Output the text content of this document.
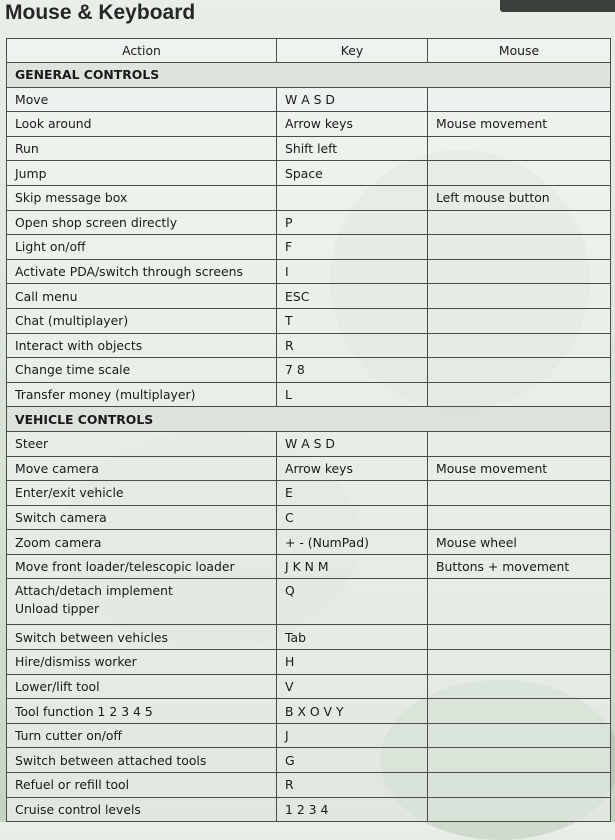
Mouse & Keyboard
Action	Key	Mouse
GENERAL CONTROLS		

Move	W A S D	

Look around	Arrow keys	Mouse movement

Run	Shift left	

Jump	Space	

Skip message box		Left mouse button

Open shop screen directly	P	

Light on/off	F	

Activate PDA/switch through screens	I	

Call menu	ESC	

Chat (multiplayer)	T	

Interact with objects	R	

Change time scale	7 8	

Transfer money (multiplayer)	L	
VEHICLE CONTROLS		

Steer	W A S D	

Move camera	Arrow keys	Mouse movement

Enter/exit vehicle	E	

Switch camera	C	

Zoom camera	+ - (NumPad)	Mouse wheel

Move front loader/telescopic loader	J K N M	Buttons + movement

Attach/detach implement
Unload tipper	Q	

Switch between vehicles	Tab	

Hire/dismiss worker	H	

Lower/lift tool	V	

Tool function 1 2 3 4 5	B X O V Y	

Turn cutter on/off	J	

Switch between attached tools	G	

Refuel or refill tool	R	

Cruise control levels	1 2 3 4	
